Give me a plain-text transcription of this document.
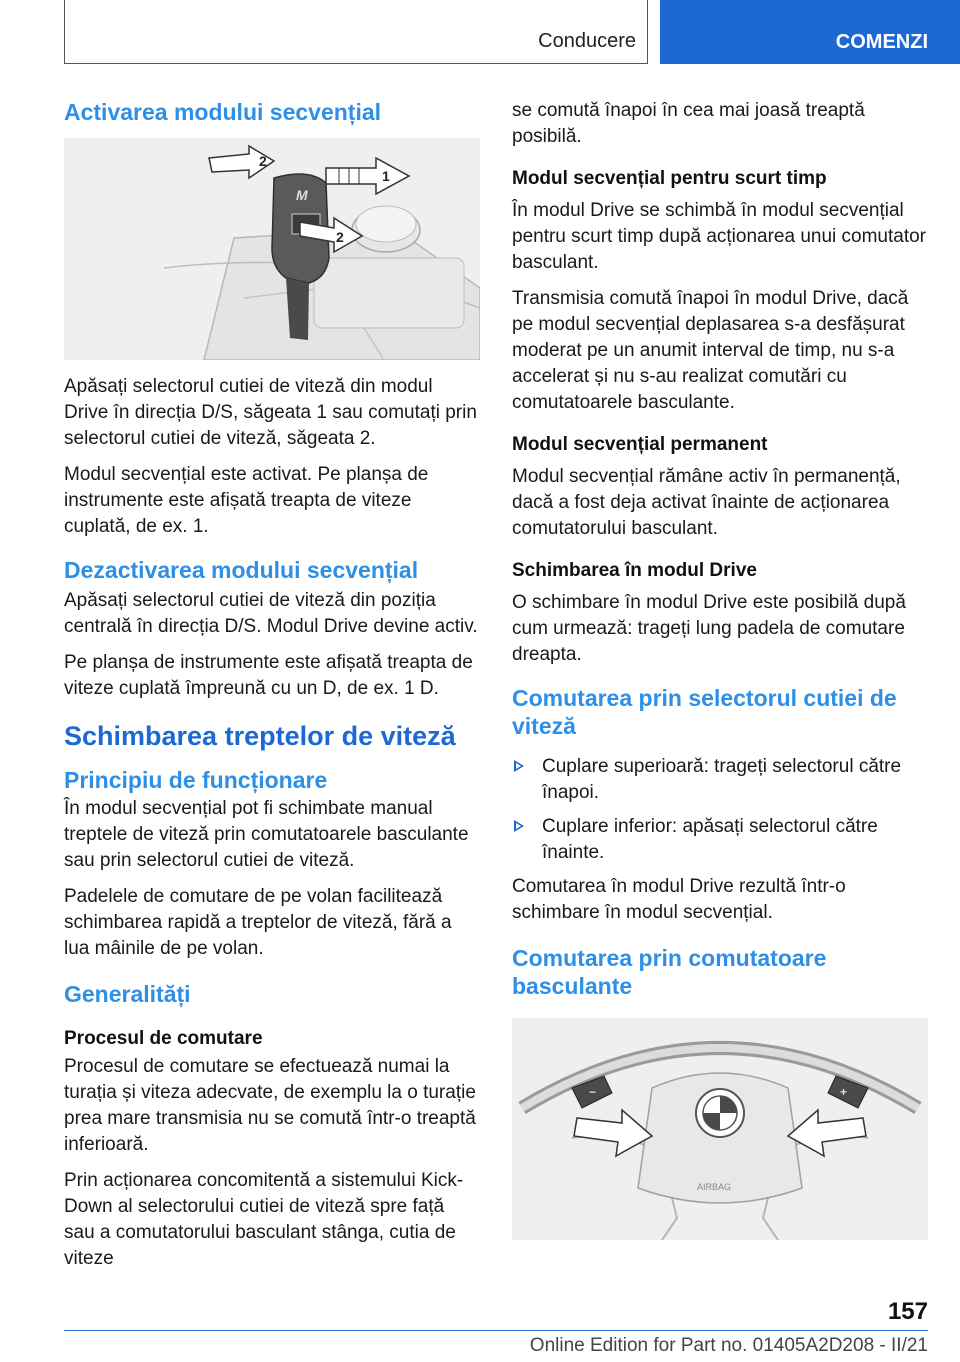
Conducere	COMENZI
Activarea modului secvențial
M
2
1
2

Apăsați selectorul cutiei de viteză din modul Drive în direcția D/S, săgeata 1 sau comutați prin selectorul cutiei de viteză, săgeata 2.

Modul secvențial este activat. Pe planșa de instrumente este afișată treapta de viteze cuplată, de ex. 1.

Dezactivarea modului secvențial

Apăsați selectorul cutiei de viteză din poziția centrală în direcția D/S. Modul Drive devine activ.

Pe planșa de instrumente este afișată treapta de viteze cuplată împreună cu un D, de ex. 1 D.

Schimbarea treptelor de viteză
Principiu de funcționare

În modul secvențial pot fi schimbate manual treptele de viteză prin comutatoarele basculante sau prin selectorul cutiei de viteză.

Padelele de comutare de pe volan facilitează schimbarea rapidă a treptelor de viteză, fără a lua mâinile de pe volan.

Generalități
Procesul de comutare

Procesul de comutare se efectuează numai la turația și viteza adecvate, de exemplu la o turație prea mare transmisia nu se comută într-o treaptă inferioară.

Prin acționarea concomitentă a sistemului Kick-Down al selectorului cutiei de viteză spre față sau a comutatorului basculant stânga, cutia de viteze

se comută înapoi în cea mai joasă treaptă posibilă.

Modul secvențial pentru scurt timp

În modul Drive se schimbă în modul secvențial pentru scurt timp după acționarea unui comutator basculant.

Transmisia comută înapoi în modul Drive, dacă pe modul secvențial deplasarea s-a desfășurat moderat pe un anumit interval de timp, nu s-a accelerat și nu s-au realizat comutări cu comutatoarele basculante.

Modul secvențial permanent

Modul secvențial rămâne activ în permanență, dacă a fost deja activat înainte de acționarea comutatorului basculant.

Schimbarea în modul Drive

O schimbare în modul Drive este posibilă după cum urmează: trageți lung padela de comutare dreapta.

Comutarea prin selectorul cutiei de viteză
Cuplare superioară: trageți selectorul către înapoi.
Cuplare inferior: apăsați selectorul către înainte.

Comutarea în modul Drive rezultă într-o schimbare în modul secvențial.

Comutarea prin comutatoare basculante
AIRBAG
−	+
157
Online Edition for Part no. 01405A2D208 - II/21
